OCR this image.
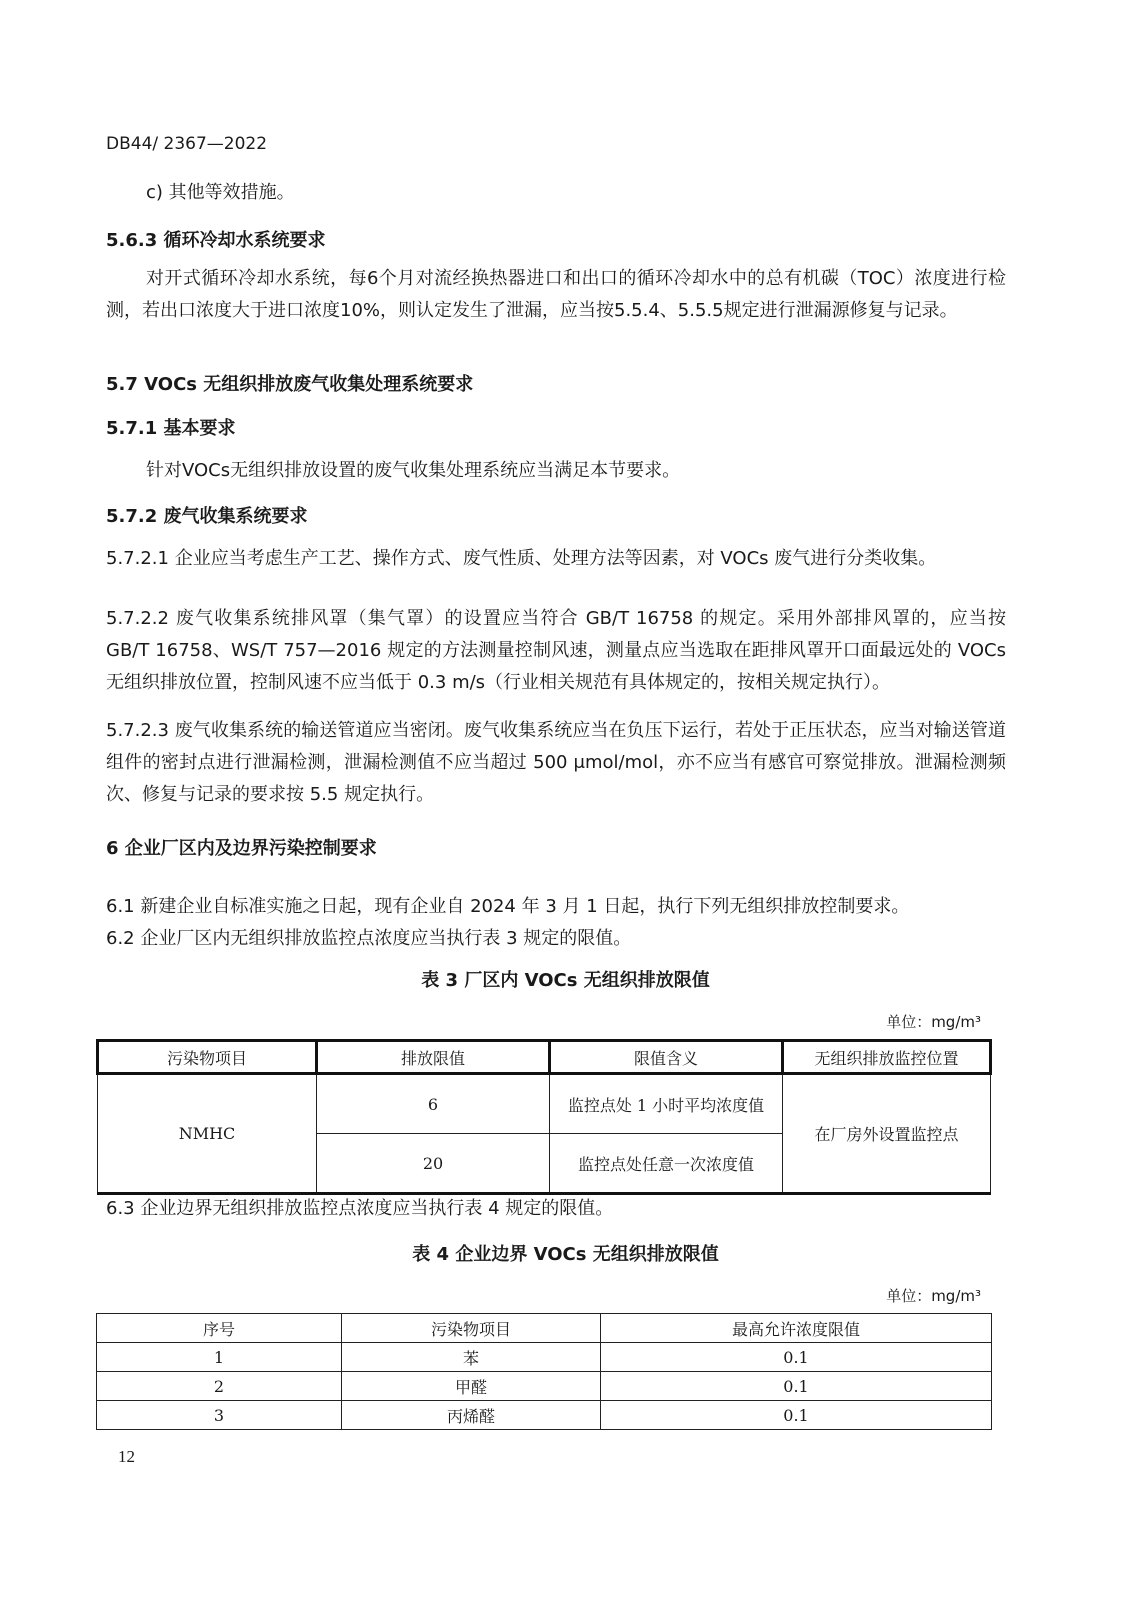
DB44/ 2367—2022
c) 其他等效措施。
5.6.3 循环冷却水系统要求
对开式循环冷却水系统，每6个月对流经换热器进口和出口的循环冷却水中的总有机碳（TOC）浓度进行检测，若出口浓度大于进口浓度10%，则认定发生了泄漏，应当按5.5.4、5.5.5规定进行泄漏源修复与记录。
5.7 VOCs 无组织排放废气收集处理系统要求
5.7.1 基本要求
针对VOCs无组织排放设置的废气收集处理系统应当满足本节要求。
5.7.2 废气收集系统要求
5.7.2.1 企业应当考虑生产工艺、操作方式、废气性质、处理方法等因素，对 VOCs 废气进行分类收集。
5.7.2.2 废气收集系统排风罩（集气罩）的设置应当符合 GB/T 16758 的规定。采用外部排风罩的，应当按 GB/T 16758、WS/T 757—2016 规定的方法测量控制风速，测量点应当选取在距排风罩开口面最远处的 VOCs 无组织排放位置，控制风速不应当低于 0.3 m/s（行业相关规范有具体规定的，按相关规定执行）。
5.7.2.3 废气收集系统的输送管道应当密闭。废气收集系统应当在负压下运行，若处于正压状态，应当对输送管道组件的密封点进行泄漏检测，泄漏检测值不应当超过 500 μmol/mol，亦不应当有感官可察觉排放。泄漏检测频次、修复与记录的要求按 5.5 规定执行。
6 企业厂区内及边界污染控制要求
6.1 新建企业自标准实施之日起，现有企业自 2024 年 3 月 1 日起，执行下列无组织排放控制要求。
6.2 企业厂区内无组织排放监控点浓度应当执行表 3 规定的限值。
表 3 厂区内 VOCs 无组织排放限值
单位：mg/m³
污染物项目	排放限值	限值含义	无组织排放监控位置
NMHC	6	监控点处 1 小时平均浓度值	在厂房外设置监控点
	20	监控点处任意一次浓度值	
6.3 企业边界无组织排放监控点浓度应当执行表 4 规定的限值。
表 4 企业边界 VOCs 无组织排放限值
单位：mg/m³
序号	污染物项目	最高允许浓度限值
1	苯	0.1
2	甲醛	0.1
3	丙烯醛	0.1
12
